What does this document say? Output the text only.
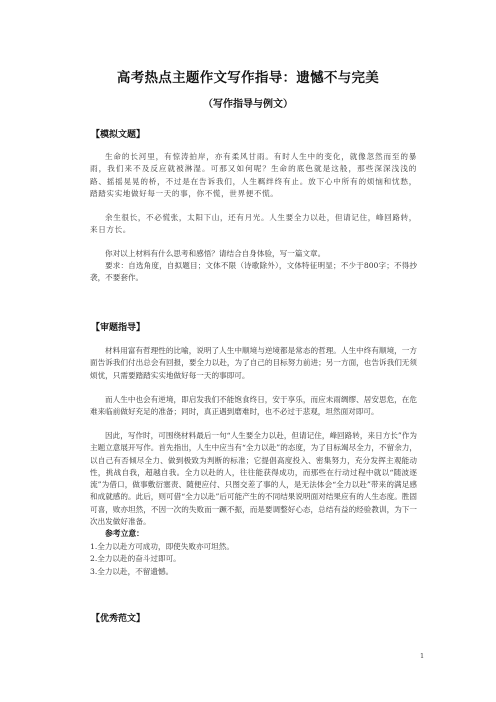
高考热点主题作文写作指导：遗憾不与完美
（写作指导与例文）
【模拟文题】

生命的长河里，有惊涛拍岸，亦有柔风甘雨。有时人生中的变化，就像忽然而至的暴雨，我们来不及反应就被淋湿。可那又如何呢？生命的底色就是这般，那些深深浅浅的路、摇摇晃晃的桥，不过是在告诉我们，人生羁绊终有止。放下心中所有的烦恼和忧愁，踏踏实实地做好每一天的事，你不慌，世界便不慌。

余生很长，不必慌张，太阳下山，还有月光。人生要全力以赴，但请记住，峰回路转，来日方长。

你对以上材料有什么思考和感悟？请结合自身体验，写一篇文章。

要求：自选角度，自拟题目；文体不限（诗歌除外），文体特征明显；不少于800字；不得抄袭，不要套作。

【审题指导】

材料用富有哲理性的比喻，说明了人生中顺境与逆境都是常态的哲理。人生中终有顺境，一方面告诉我们付出总会有回报，要全力以赴，为了自己的目标努力前进；另一方面，也告诉我们无须烦忧，只需要踏踏实实地做好每一天的事即可。

而人生中也会有逆境，即启发我们不能饱食终日，安于享乐，而应未雨绸缪、居安思危，在危难来临前做好充足的准备；同时，真正遇到磨难时，也不必过于悲观，坦然面对即可。

因此，写作时，可围绕材料最后一句“人生要全力以赴，但请记住，峰回路转，来日方长”作为主题立意展开写作。首先指出，人生中应当有“全力以赴”的态度，为了目标竭尽全力，不留余力，以自己有否倾尽全力、做到极致为判断的标准；它提倡高度投入、密集努力，充分发挥主观能动性，挑战自我，超越自我。全力以赴的人，往往能获得成功，而那些在行动过程中就以“随波逐流”为借口，做事敷衍塞责、随便应付、只图交差了事的人，是无法体会“全力以赴”带来的满足感和成就感的。此后，则可借“全力以赴”后可能产生的不同结果说明面对结果应有的人生态度。胜固可喜，败亦坦然，不因一次的失败而一蹶不振，而是要调整好心态，总结有益的经验教训，为下一次出发做好准备。

参考立意：
1.全力以赴方可成功，即使失败亦可坦然。
2.全力以赴的奋斗过即可。
3.全力以赴，不留遗憾。
【优秀范文】
1
